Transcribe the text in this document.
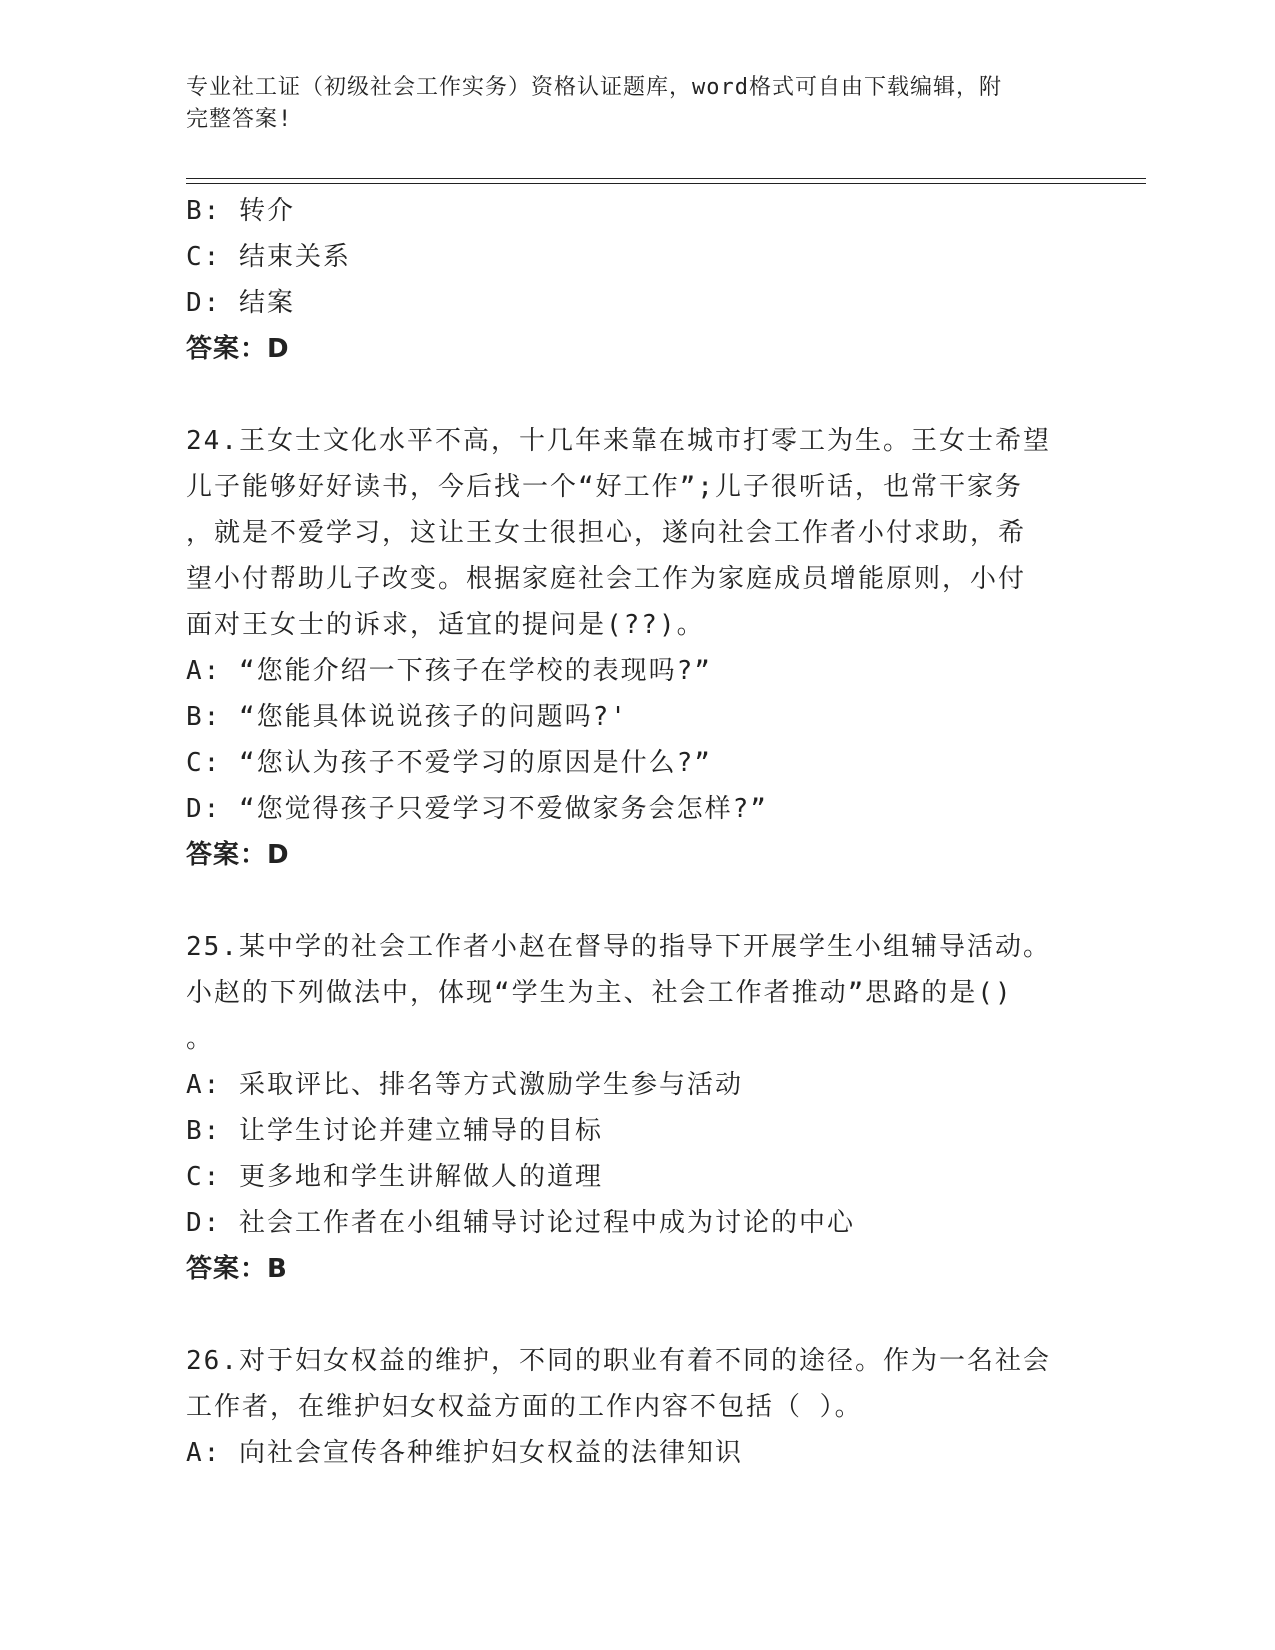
专业社工证（初级社会工作实务）资格认证题库，word格式可自由下载编辑，附
完整答案!
B: 转介
C: 结束关系
D: 结案
答案：D
24.王女士文化水平不高，十几年来靠在城市打零工为生。王女士希望
儿子能够好好读书，今后找一个“好工作”;儿子很听话，也常干家务
，就是不爱学习，这让王女士很担心，遂向社会工作者小付求助，希
望小付帮助儿子改变。根据家庭社会工作为家庭成员增能原则，小付
面对王女士的诉求，适宜的提问是(??)。
A: “您能介绍一下孩子在学校的表现吗?”
B: “您能具体说说孩子的问题吗?'
C: “您认为孩子不爱学习的原因是什么?”
D: “您觉得孩子只爱学习不爱做家务会怎样?”
答案：D
25.某中学的社会工作者小赵在督导的指导下开展学生小组辅导活动。
小赵的下列做法中，体现“学生为主、社会工作者推动”思路的是()
。
A: 采取评比、排名等方式激励学生参与活动
B: 让学生讨论并建立辅导的目标
C: 更多地和学生讲解做人的道理
D: 社会工作者在小组辅导讨论过程中成为讨论的中心
答案：B
26.对于妇女权益的维护，不同的职业有着不同的途径。作为一名社会
工作者，在维护妇女权益方面的工作内容不包括（ ）。
A: 向社会宣传各种维护妇女权益的法律知识
